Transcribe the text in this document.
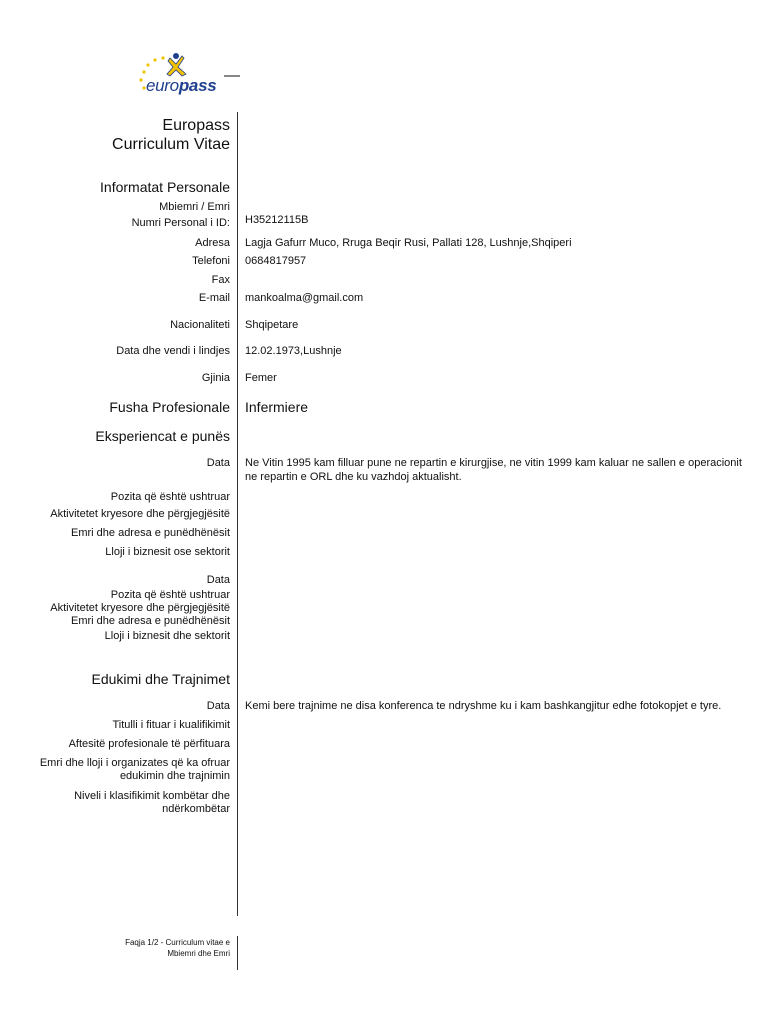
europass
Europass
Curriculum Vitae
Informatat Personale
Mbiemri / Emri
Numri Personal i ID: H35212115B
Adresa Lagja Gafurr Muco, Rruga Beqir Rusi, Pallati 128, Lushnje,Shqiperi
Telefoni 0684817957
Fax
E-mail mankoalma@gmail.com
Nacionaliteti Shqipetare
Data dhe vendi i lindjes 12.02.1973,Lushnje
Gjinia Femer
Fusha Profesionale Infermiere
Eksperiencat e punës
Data Ne Vitin 1995 kam filluar pune ne repartin e kirurgjise, ne vitin 1999 kam kaluar ne sallen e operacionit
ne repartin e ORL dhe ku vazhdoj aktualisht.
Pozita që është ushtruar
Aktivitetet kryesore dhe përgjegjësitë
Emri dhe adresa e punëdhënësit
Lloji i biznesit ose sektorit
Data
Pozita që është ushtruar
Aktivitetet kryesore dhe përgjegjësitë
Emri dhe adresa e punëdhënësit
Lloji i biznesit dhe sektorit
Edukimi dhe Trajnimet
Data Kemi bere trajnime ne disa konferenca te ndryshme ku i kam bashkangjitur edhe fotokopjet e tyre.
Titulli i fituar i kualifikimit
Aftesitë profesionale të përfituara
Emri dhe lloji i organizates që ka ofruar
edukimin dhe trajnimin
Niveli i klasifikimit kombëtar dhe
ndërkombëtar
Faqja 1/2 - Curriculum vitae e
Mbiemri dhe Emri
